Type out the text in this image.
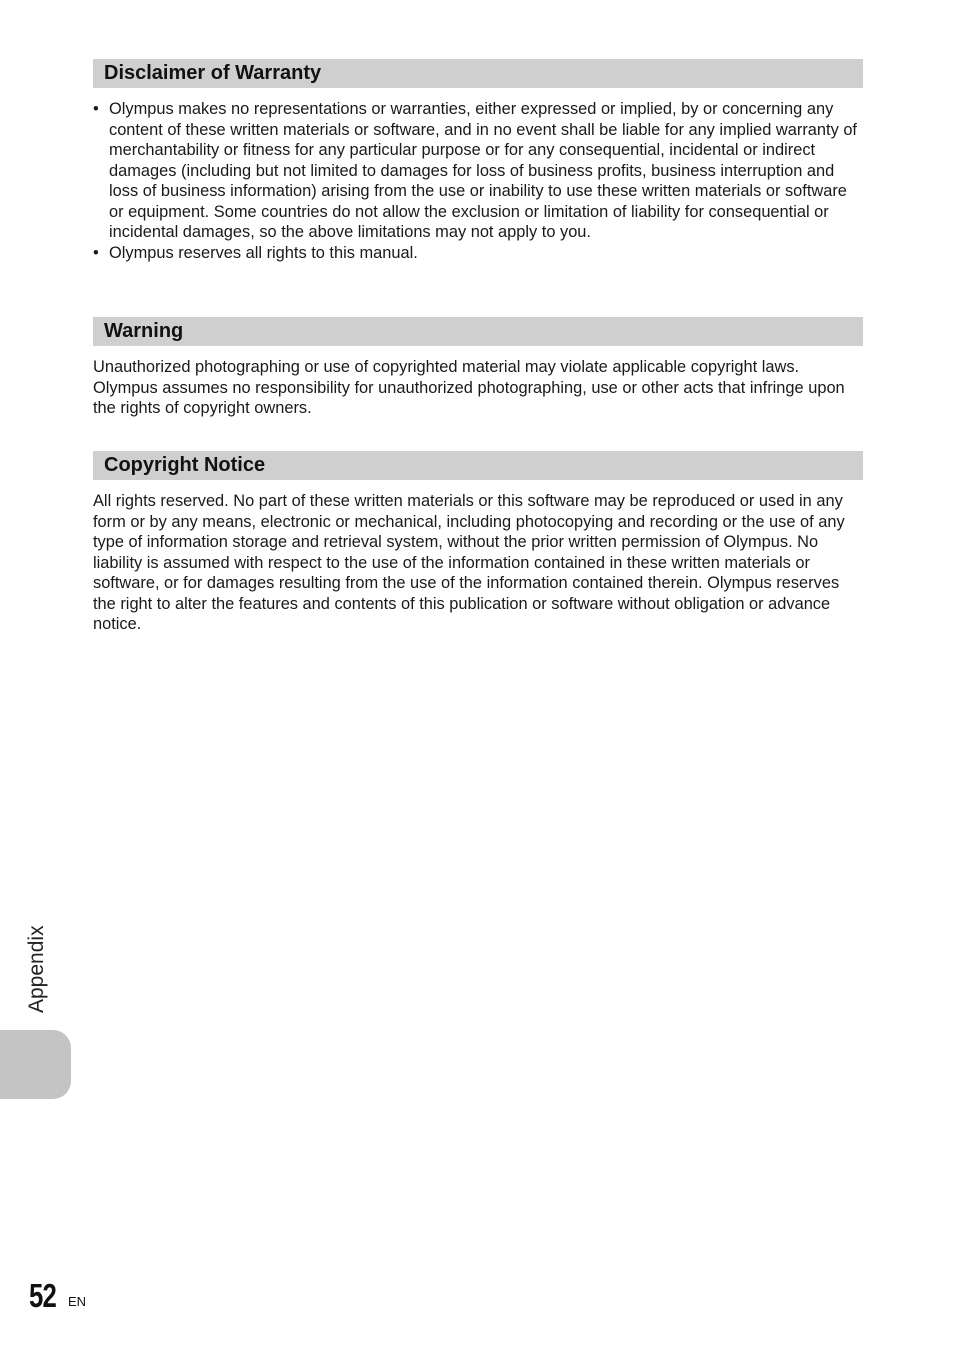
Disclaimer of Warranty
• Olympus makes no representations or warranties, either expressed or implied, by or concerning any content of these written materials or software, and in no event shall be liable for any implied warranty of merchantability or fitness for any particular purpose or for any consequential, incidental or indirect damages (including but not limited to damages for loss of business profits, business interruption and loss of business information) arising from the use or inability to use these written materials or software or equipment. Some countries do not allow the exclusion or limitation of liability for consequential or incidental damages, so the above limitations may not apply to you.
• Olympus reserves all rights to this manual.
Warning

Unauthorized photographing or use of copyrighted material may violate applicable copyright laws. Olympus assumes no responsibility for unauthorized photographing, use or other acts that infringe upon the rights of copyright owners.

Copyright Notice

All rights reserved. No part of these written materials or this software may be reproduced or used in any form or by any means, electronic or mechanical, including photocopying and recording or the use of any type of information storage and retrieval system, without the prior written permission of Olympus. No liability is assumed with respect to the use of the information contained in these written materials or software, or for damages resulting from the use of the information contained therein. Olympus reserves the right to alter the features and contents of this publication or software without obligation or advance notice.

Appendix
52 EN
